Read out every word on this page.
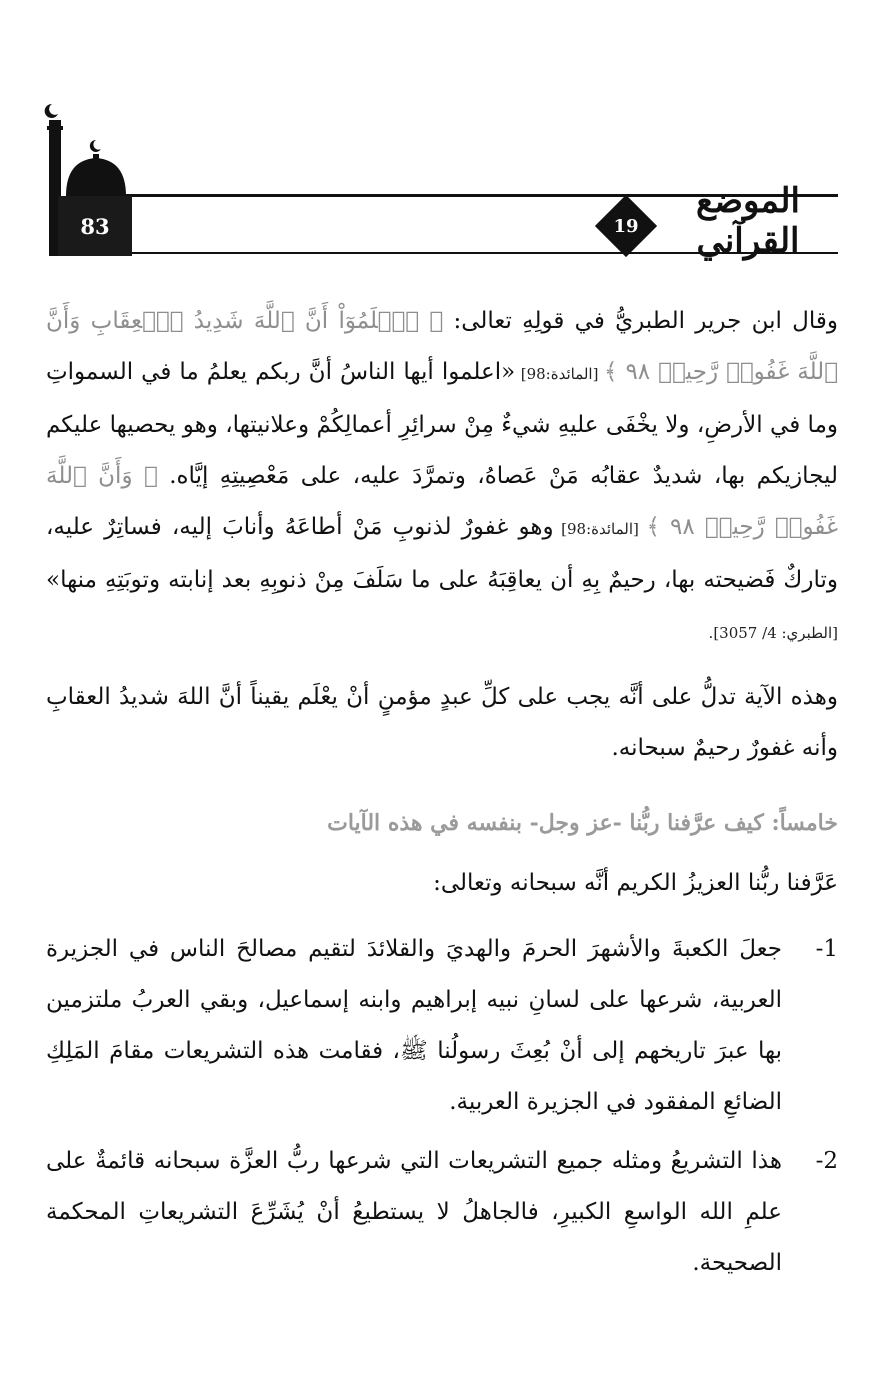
83	19
الموضع القرآني
وقال ابن جرير الطبريُّ في قولِهِ تعالى: ﴿ ٱعۡلَمُوٓاْ أَنَّ ٱللَّهَ شَدِيدُ ٱلۡعِقَابِ وَأَنَّ ٱللَّهَ غَفُورٞ رَّحِيمٞ ٩٨ ﴾ [المائدة:98] «اعلموا أيها الناسُ أنَّ ربكم يعلمُ ما في السمواتِ وما في الأرضِ، ولا يخْفَى عليهِ شيءٌ مِنْ سرائِرِ أعمالِكُمْ وعلانيتها، وهو يحصيها عليكم ليجازيكم بها، شديدٌ عقابُه مَنْ عَصاهُ، وتمرَّدَ عليه، على مَعْصِيتِهِ إيَّاه. ﴿ وَأَنَّ ٱللَّهَ غَفُورٞ رَّحِيمٞ ٩٨ ﴾ [المائدة:98] وهو غفورٌ لذنوبِ مَنْ أطاعَهُ وأنابَ إليه، فساتِرٌ عليه، وتاركٌ فَضيحته بها، رحيمٌ بِهِ أن يعاقِبَهُ على ما سَلَفَ مِنْ ذنوبِهِ بعد إنابته وتوبَتِهِ منها» [الطبري: 4/ 3057].
وهذه الآية تدلُّ على أنَّه يجب على كلِّ عبدٍ مؤمنٍ أنْ يعْلَم يقيناً أنَّ اللهَ شديدُ العقابِ وأنه غفورٌ رحيمٌ سبحانه.
خامساً: كيف عرَّفنا ربُّنا -عز وجل- بنفسه في هذه الآيات
عَرَّفنا ربُّنا العزيزُ الكريم أنَّه سبحانه وتعالى:
1-
جعلَ الكعبةَ والأشهرَ الحرمَ والهديَ والقلائدَ لتقيم مصالحَ الناس في الجزيرة العربية، شرعها على لسانِ نبيه إبراهيم وابنه إسماعيل، وبقي العربُ ملتزمين بها عبرَ تاريخهم إلى أنْ بُعِثَ رسولُنا ﷺ، فقامت هذه التشريعات مقامَ المَلِكِ الضائعِ المفقود في الجزيرة العربية.
2-
هذا التشريعُ ومثله جميع التشريعات التي شرعها ربُّ العزَّة سبحانه قائمةٌ على علمِ الله الواسعِ الكبيرِ، فالجاهلُ لا يستطيعُ أنْ يُشَرِّعَ التشريعاتِ المحكمة الصحيحة.
